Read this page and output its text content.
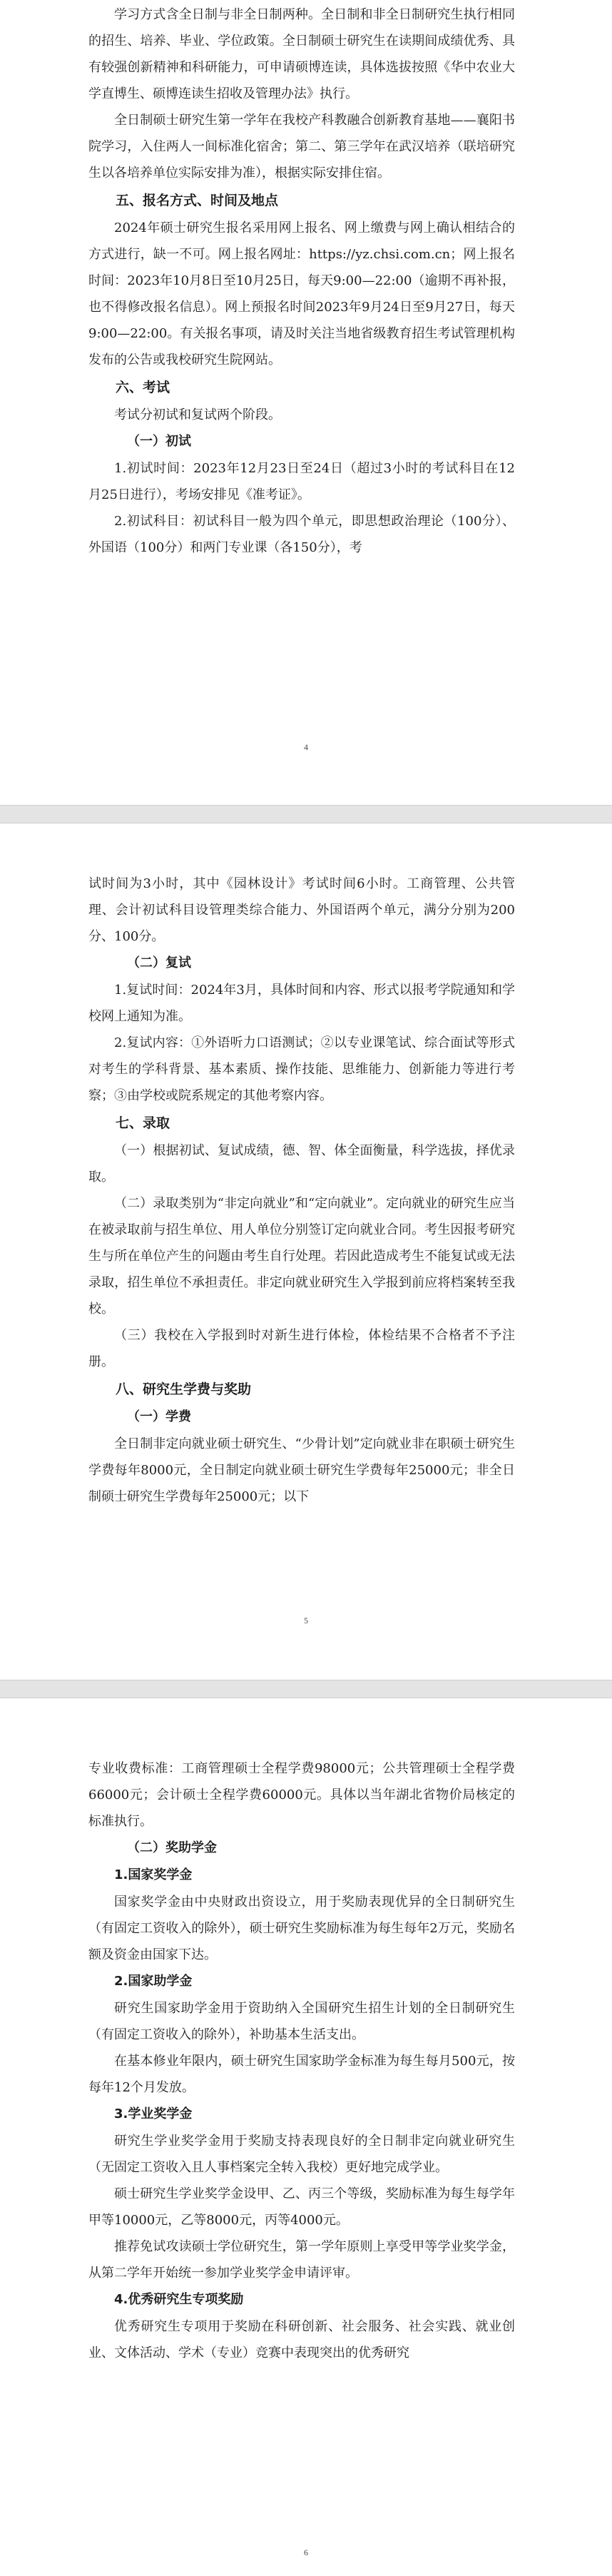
学习方式含全日制与非全日制两种。全日制和非全日制研究生执行相同的招生、培养、毕业、学位政策。全日制硕士研究生在读期间成绩优秀、具有较强创新精神和科研能力，可申请硕博连读，具体选拔按照《华中农业大学直博生、硕博连读生招收及管理办法》执行。

全日制硕士研究生第一学年在我校产科教融合创新教育基地——襄阳书院学习，入住两人一间标准化宿舍；第二、第三学年在武汉培养（联培研究生以各培养单位实际安排为准），根据实际安排住宿。

五、报名方式、时间及地点

2024年硕士研究生报名采用网上报名、网上缴费与网上确认相结合的方式进行，缺一不可。网上报名网址：https://yz.chsi.com.cn；网上报名时间：2023年10月8日至10月25日，每天9:00—22:00（逾期不再补报，也不得修改报名信息）。网上预报名时间2023年9月24日至9月27日，每天9:00—22:00。有关报名事项，请及时关注当地省级教育招生考试管理机构发布的公告或我校研究生院网站。

六、考试

考试分初试和复试两个阶段。

（一）初试

1.初试时间：2023年12月23日至24日（超过3小时的考试科目在12月25日进行），考场安排见《准考证》。

2.初试科目：初试科目一般为四个单元，即思想政治理论（100分）、外国语（100分）和两门专业课（各150分），考

4

试时间为3小时，其中《园林设计》考试时间6小时。工商管理、公共管理、会计初试科目设管理类综合能力、外国语两个单元，满分分别为200分、100分。

（二）复试

1.复试时间：2024年3月，具体时间和内容、形式以报考学院通知和学校网上通知为准。

2.复试内容：①外语听力口语测试；②以专业课笔试、综合面试等形式对考生的学科背景、基本素质、操作技能、思维能力、创新能力等进行考察；③由学校或院系规定的其他考察内容。

七、录取

（一）根据初试、复试成绩，德、智、体全面衡量，科学选拔，择优录取。

（二）录取类别为“非定向就业”和“定向就业”。定向就业的研究生应当在被录取前与招生单位、用人单位分别签订定向就业合同。考生因报考研究生与所在单位产生的问题由考生自行处理。若因此造成考生不能复试或无法录取，招生单位不承担责任。非定向就业研究生入学报到前应将档案转至我校。

（三）我校在入学报到时对新生进行体检，体检结果不合格者不予注册。

八、研究生学费与奖助
（一）学费

全日制非定向就业硕士研究生、“少骨计划”定向就业非在职硕士研究生学费每年8000元，全日制定向就业硕士研究生学费每年25000元；非全日制硕士研究生学费每年25000元；以下

5

专业收费标准：工商管理硕士全程学费98000元；公共管理硕士全程学费66000元；会计硕士全程学费60000元。具体以当年湖北省物价局核定的标准执行。

（二）奖助学金
1.国家奖学金

国家奖学金由中央财政出资设立，用于奖励表现优异的全日制研究生（有固定工资收入的除外），硕士研究生奖励标准为每生每年2万元，奖励名额及资金由国家下达。

2.国家助学金

研究生国家助学金用于资助纳入全国研究生招生计划的全日制研究生（有固定工资收入的除外），补助基本生活支出。

在基本修业年限内，硕士研究生国家助学金标准为每生每月500元，按每年12个月发放。

3.学业奖学金

研究生学业奖学金用于奖励支持表现良好的全日制非定向就业研究生（无固定工资收入且人事档案完全转入我校）更好地完成学业。

硕士研究生学业奖学金设甲、乙、丙三个等级，奖励标准为每生每学年甲等10000元，乙等8000元，丙等4000元。

推荐免试攻读硕士学位研究生，第一学年原则上享受甲等学业奖学金，从第二学年开始统一参加学业奖学金申请评审。

4.优秀研究生专项奖励

优秀研究生专项用于奖励在科研创新、社会服务、社会实践、就业创业、文体活动、学术（专业）竞赛中表现突出的优秀研究

6
